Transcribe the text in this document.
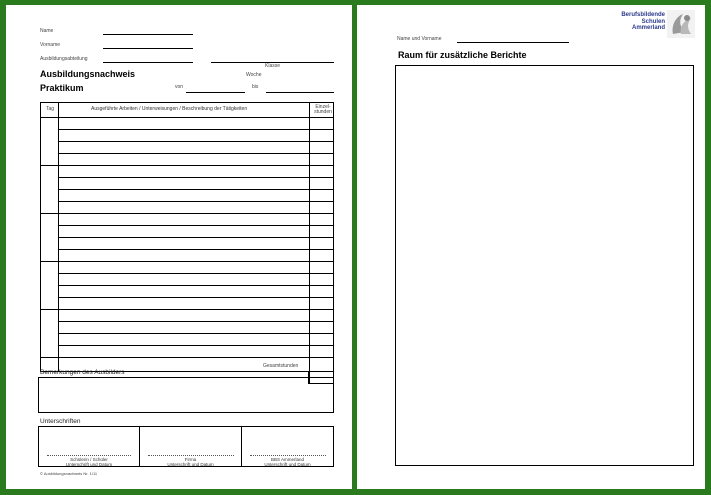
Name
Vorname
Ausbildungsabteilung
Klasse
Ausbildungsnachweis
Praktikum
Woche
von	bis
Tag	Ausgeführte Arbeiten / Unterweisungen / Beschreibung der Tätigkeiten	Einzel-stunden
Gesamtstunden
Bemerkungen des Ausbilders
Unterschriften
Schülerin / Schüler
Unterschrift und Datum
Firma
Unterschrift und Datum
BBS Ammerland
Unterschrift und Datum
© Ausbildungsnachweis Nr. 1/11
Name und Vorname
Raum für zusätzliche Berichte
Berufsbildende
Schulen
Ammerland
